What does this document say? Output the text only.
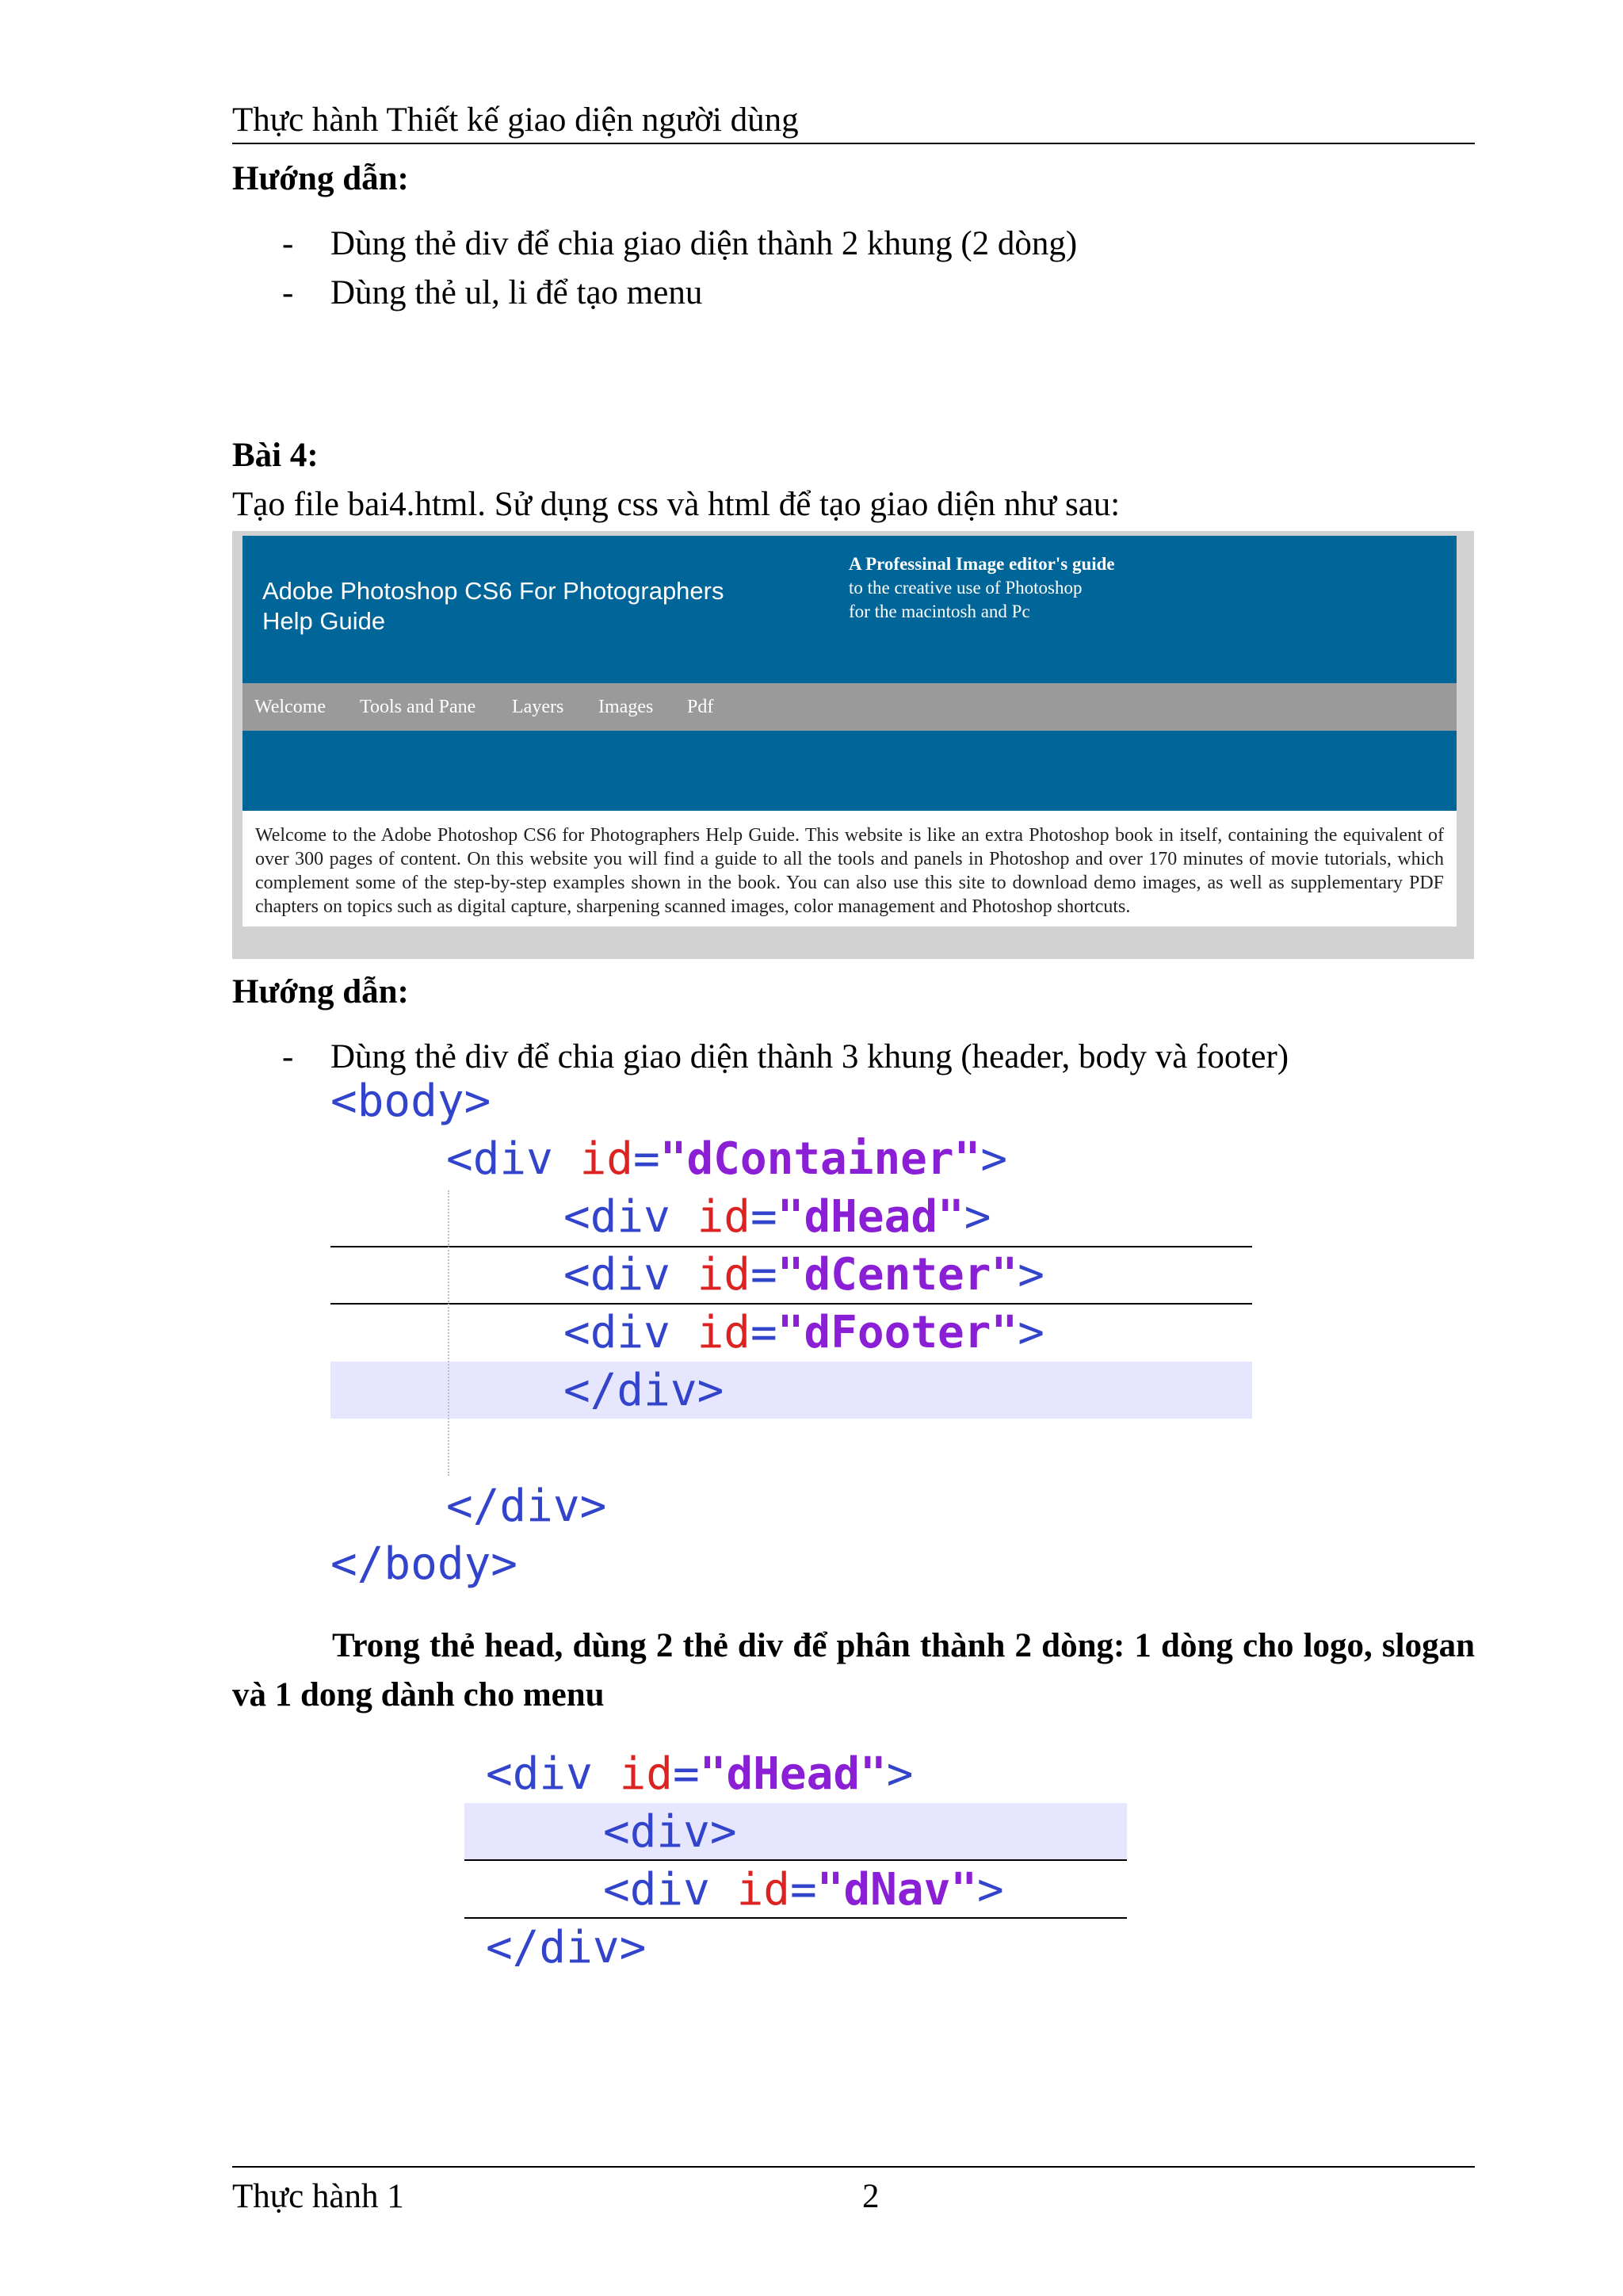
Thực hành Thiết kế giao diện người dùng
Hướng dẫn:
- Dùng thẻ div để chia giao diện thành 2 khung (2 dòng)
- Dùng thẻ ul, li để tạo menu
Bài 4:
Tạo file bai4.html. Sử dụng css và html để tạo giao diện như sau:
Adobe Photoshop CS6 For Photographers
Help Guide
A Professinal Image editor's guide
to the creative use of Photoshop
for the macintosh and Pc
Welcome Tools and Pane Layers Images Pdf
Welcome to the Adobe Photoshop CS6 for Photographers Help Guide. This website is like an extra Photoshop book in itself, containing the equivalent of over 300 pages of content. On this website you will find a guide to all the tools and panels in Photoshop and over 170 minutes of movie tutorials, which complement some of the step-by-step examples shown in the book. You can also use this site to download demo images, as well as supplementary PDF chapters on topics such as digital capture, sharpening scanned images, color management and Photoshop shortcuts.
Hướng dẫn:
- Dùng thẻ div để chia giao diện thành 3 khung (header, body và footer)
<body>
<div id="dContainer">
<div id="dHead">
<div id="dCenter">
<div id="dFooter">
</div>
</div>
</body>
Trong thẻ head, dùng 2 thẻ div để phân thành 2 dòng: 1 dòng cho logo, slogan và 1 dong dành cho menu
<div id="dHead">
<div>
<div id="dNav">
</div>
Thực hành 1	2
